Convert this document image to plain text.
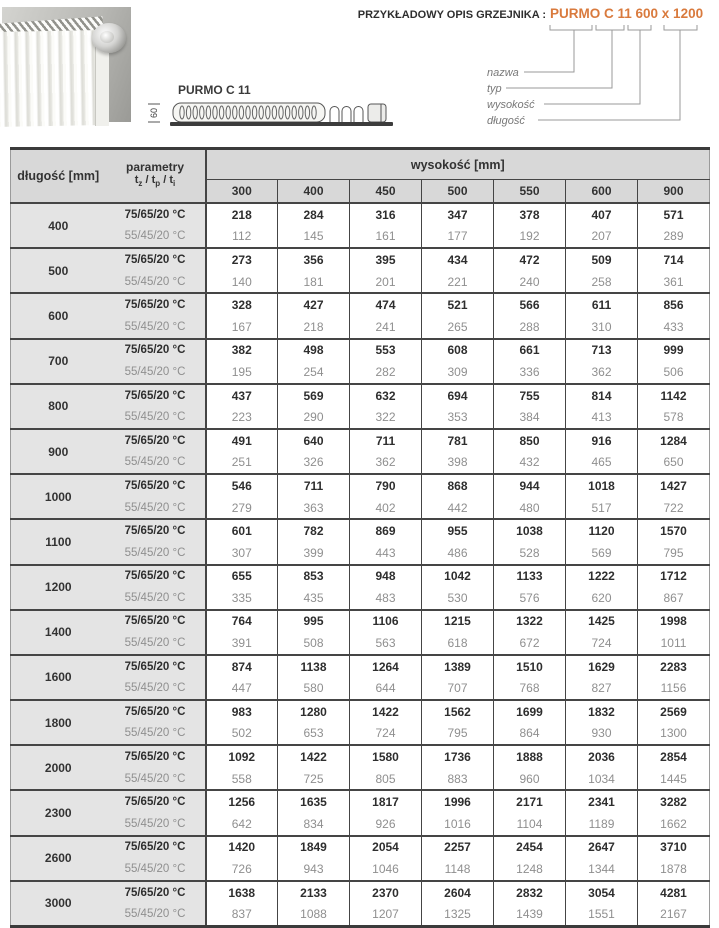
PURMO C 11
60
PRZYKŁADOWY OPIS GRZEJNIKA : PURMO C 11 600 x 1200
nazwa
typ
wysokość
długość
długość [mm]	parametry
$t_z / t_p / t_i$	wysokość [mm]						
		300	400	450	500	550	600	900
400	75/65/20 °C	218	284	316	347	378	407	571
	55/45/20 °C	112	145	161	177	192	207	289
500	75/65/20 °C	273	356	395	434	472	509	714
	55/45/20 °C	140	181	201	221	240	258	361
600	75/65/20 °C	328	427	474	521	566	611	856
	55/45/20 °C	167	218	241	265	288	310	433
700	75/65/20 °C	382	498	553	608	661	713	999
	55/45/20 °C	195	254	282	309	336	362	506
800	75/65/20 °C	437	569	632	694	755	814	1142
	55/45/20 °C	223	290	322	353	384	413	578
900	75/65/20 °C	491	640	711	781	850	916	1284
	55/45/20 °C	251	326	362	398	432	465	650
1000	75/65/20 °C	546	711	790	868	944	1018	1427
	55/45/20 °C	279	363	402	442	480	517	722
1100	75/65/20 °C	601	782	869	955	1038	1120	1570
	55/45/20 °C	307	399	443	486	528	569	795
1200	75/65/20 °C	655	853	948	1042	1133	1222	1712
	55/45/20 °C	335	435	483	530	576	620	867
1400	75/65/20 °C	764	995	1106	1215	1322	1425	1998
	55/45/20 °C	391	508	563	618	672	724	1011
1600	75/65/20 °C	874	1138	1264	1389	1510	1629	2283
	55/45/20 °C	447	580	644	707	768	827	1156
1800	75/65/20 °C	983	1280	1422	1562	1699	1832	2569
	55/45/20 °C	502	653	724	795	864	930	1300
2000	75/65/20 °C	1092	1422	1580	1736	1888	2036	2854
	55/45/20 °C	558	725	805	883	960	1034	1445
2300	75/65/20 °C	1256	1635	1817	1996	2171	2341	3282
	55/45/20 °C	642	834	926	1016	1104	1189	1662
2600	75/65/20 °C	1420	1849	2054	2257	2454	2647	3710
	55/45/20 °C	726	943	1046	1148	1248	1344	1878
3000	75/65/20 °C	1638	2133	2370	2604	2832	3054	4281
	55/45/20 °C	837	1088	1207	1325	1439	1551	2167
